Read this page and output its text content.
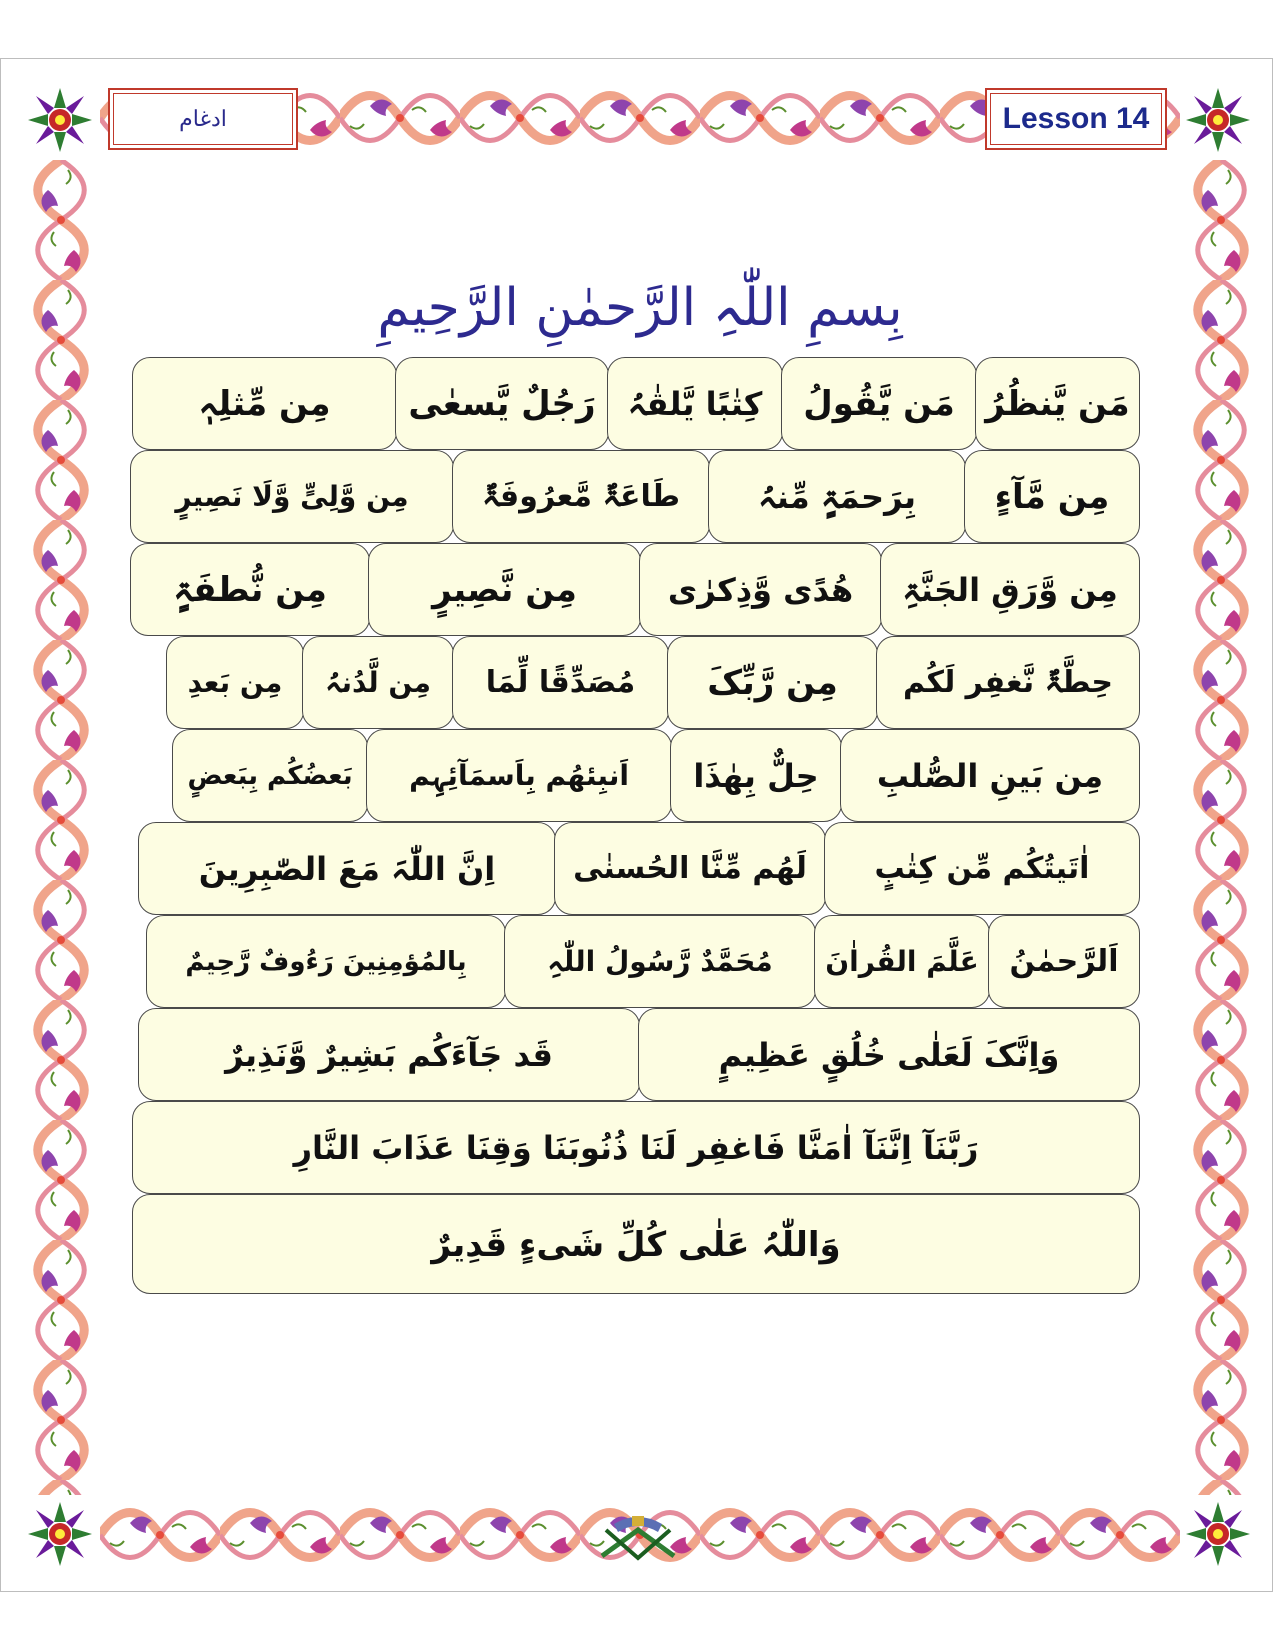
ادغام	Lesson 14
بِسمِ اللّٰہِ الرَّحمٰنِ الرَّحِیمِ
مَن یَّنظُرُ
مَن یَّقُولُ
کِتٰبًا یَّلقٰہُ
رَجُلٌ یَّسعٰی
مِن مِّثلِہٖ
مِن مَّآءٍ
بِرَحمَۃٍ مِّنہُ
طَاعَۃٌ مَّعرُوفَۃٌ
مِن وَّلِیٍّ وَّلَا نَصِیرٍ
مِن وَّرَقِ الجَنَّۃِ
ھُدًی وَّذِکرٰی
مِن نَّصِیرٍ
مِن نُّطفَۃٍ
حِطَّۃٌ نَّغفِر لَکُم
مِن رَّبِّکَ
مُصَدِّقًا لِّمَا
مِن لَّدُنہُ
مِن بَعدِ
مِن بَینِ الصُّلبِ
حِلٌّ بِھٰذَا
اَنبِئھُم بِاَسمَآئِہِم
بَعضُکُم بِبَعضٍ
اٰتَیتُکُم مِّن کِتٰبٍ
لَھُم مِّنَّا الحُسنٰی
اِنَّ اللّٰہَ مَعَ الصّٰبِرِینَ
اَلرَّحمٰنُ
عَلَّمَ القُراٰنَ
مُحَمَّدٌ رَّسُولُ اللّٰہِ
بِالمُؤمِنِینَ رَءُوفٌ رَّحِیمٌ
وَاِنَّکَ لَعَلٰی خُلُقٍ عَظِیمٍ
قَد جَآءَکُم بَشِیرٌ وَّنَذِیرٌ
رَبَّنَآ اِنَّنَآ اٰمَنَّا فَاغفِر لَنَا ذُنُوبَنَا وَقِنَا عَذَابَ النَّارِ
وَاللّٰہُ عَلٰی کُلِّ شَیءٍ قَدِیرٌ
